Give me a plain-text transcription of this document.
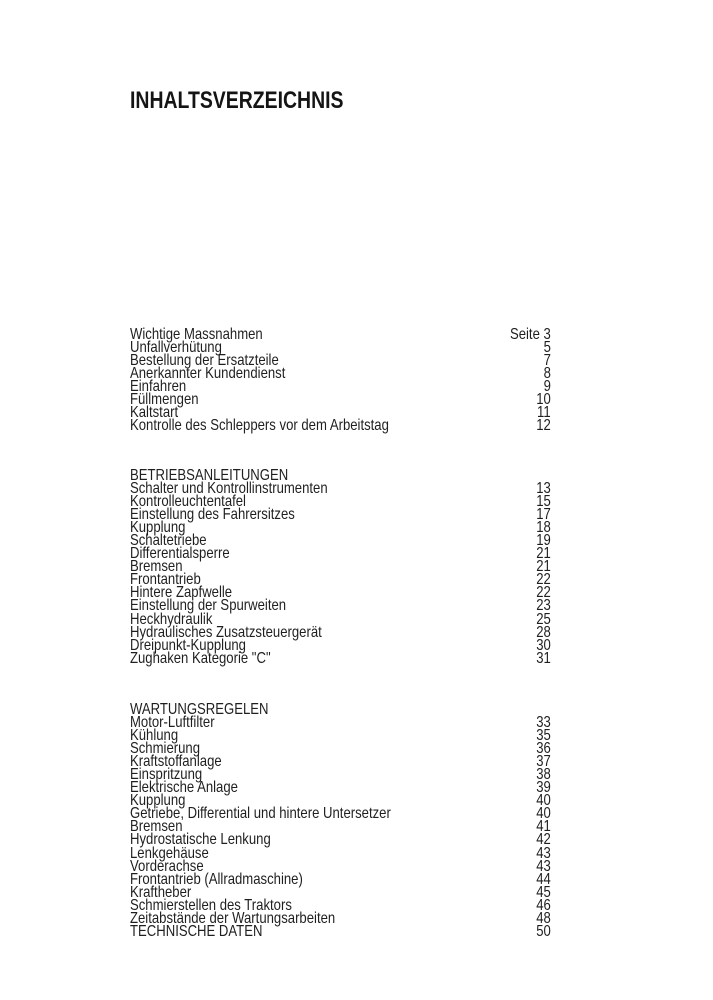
INHALTSVERZEICHNIS
Wichtige Massnahmen	Seite 3
Unfallverhütung	5
Bestellung der Ersatzteile	7
Anerkannter Kundendienst	8
Einfahren	9
Füllmengen	10
Kaltstart	11
Kontrolle des Schleppers vor dem Arbeitstag	12
BETRIEBSANLEITUNGEN
Schalter und Kontrollinstrumenten	13
Kontrolleuchtentafel	15
Einstellung des Fahrersitzes	17
Kupplung	18
Schaltetriebe	19
Differentialsperre	21
Bremsen	21
Frontantrieb	22
Hintere Zapfwelle	22
Einstellung der Spurweiten	23
Heckhydraulik	25
Hydraulisches Zusatzsteuergerät	28
Dreipunkt-Kupplung	30
Zughaken Kategorie "C"	31
WARTUNGSREGELEN
Motor-Luftfilter	33
Kühlung	35
Schmierung	36
Kraftstoffanlage	37
Einspritzung	38
Elektrische Anlage	39
Kupplung	40
Getriebe, Differential und hintere Untersetzer	40
Bremsen	41
Hydrostatische Lenkung	42
Lenkgehäuse	43
Vorderachse	43
Frontantrieb (Allradmaschine)	44
Kraftheber	45
Schmierstellen des Traktors	46
Zeitabstände der Wartungsarbeiten	48
TECHNISCHE DATEN	50
